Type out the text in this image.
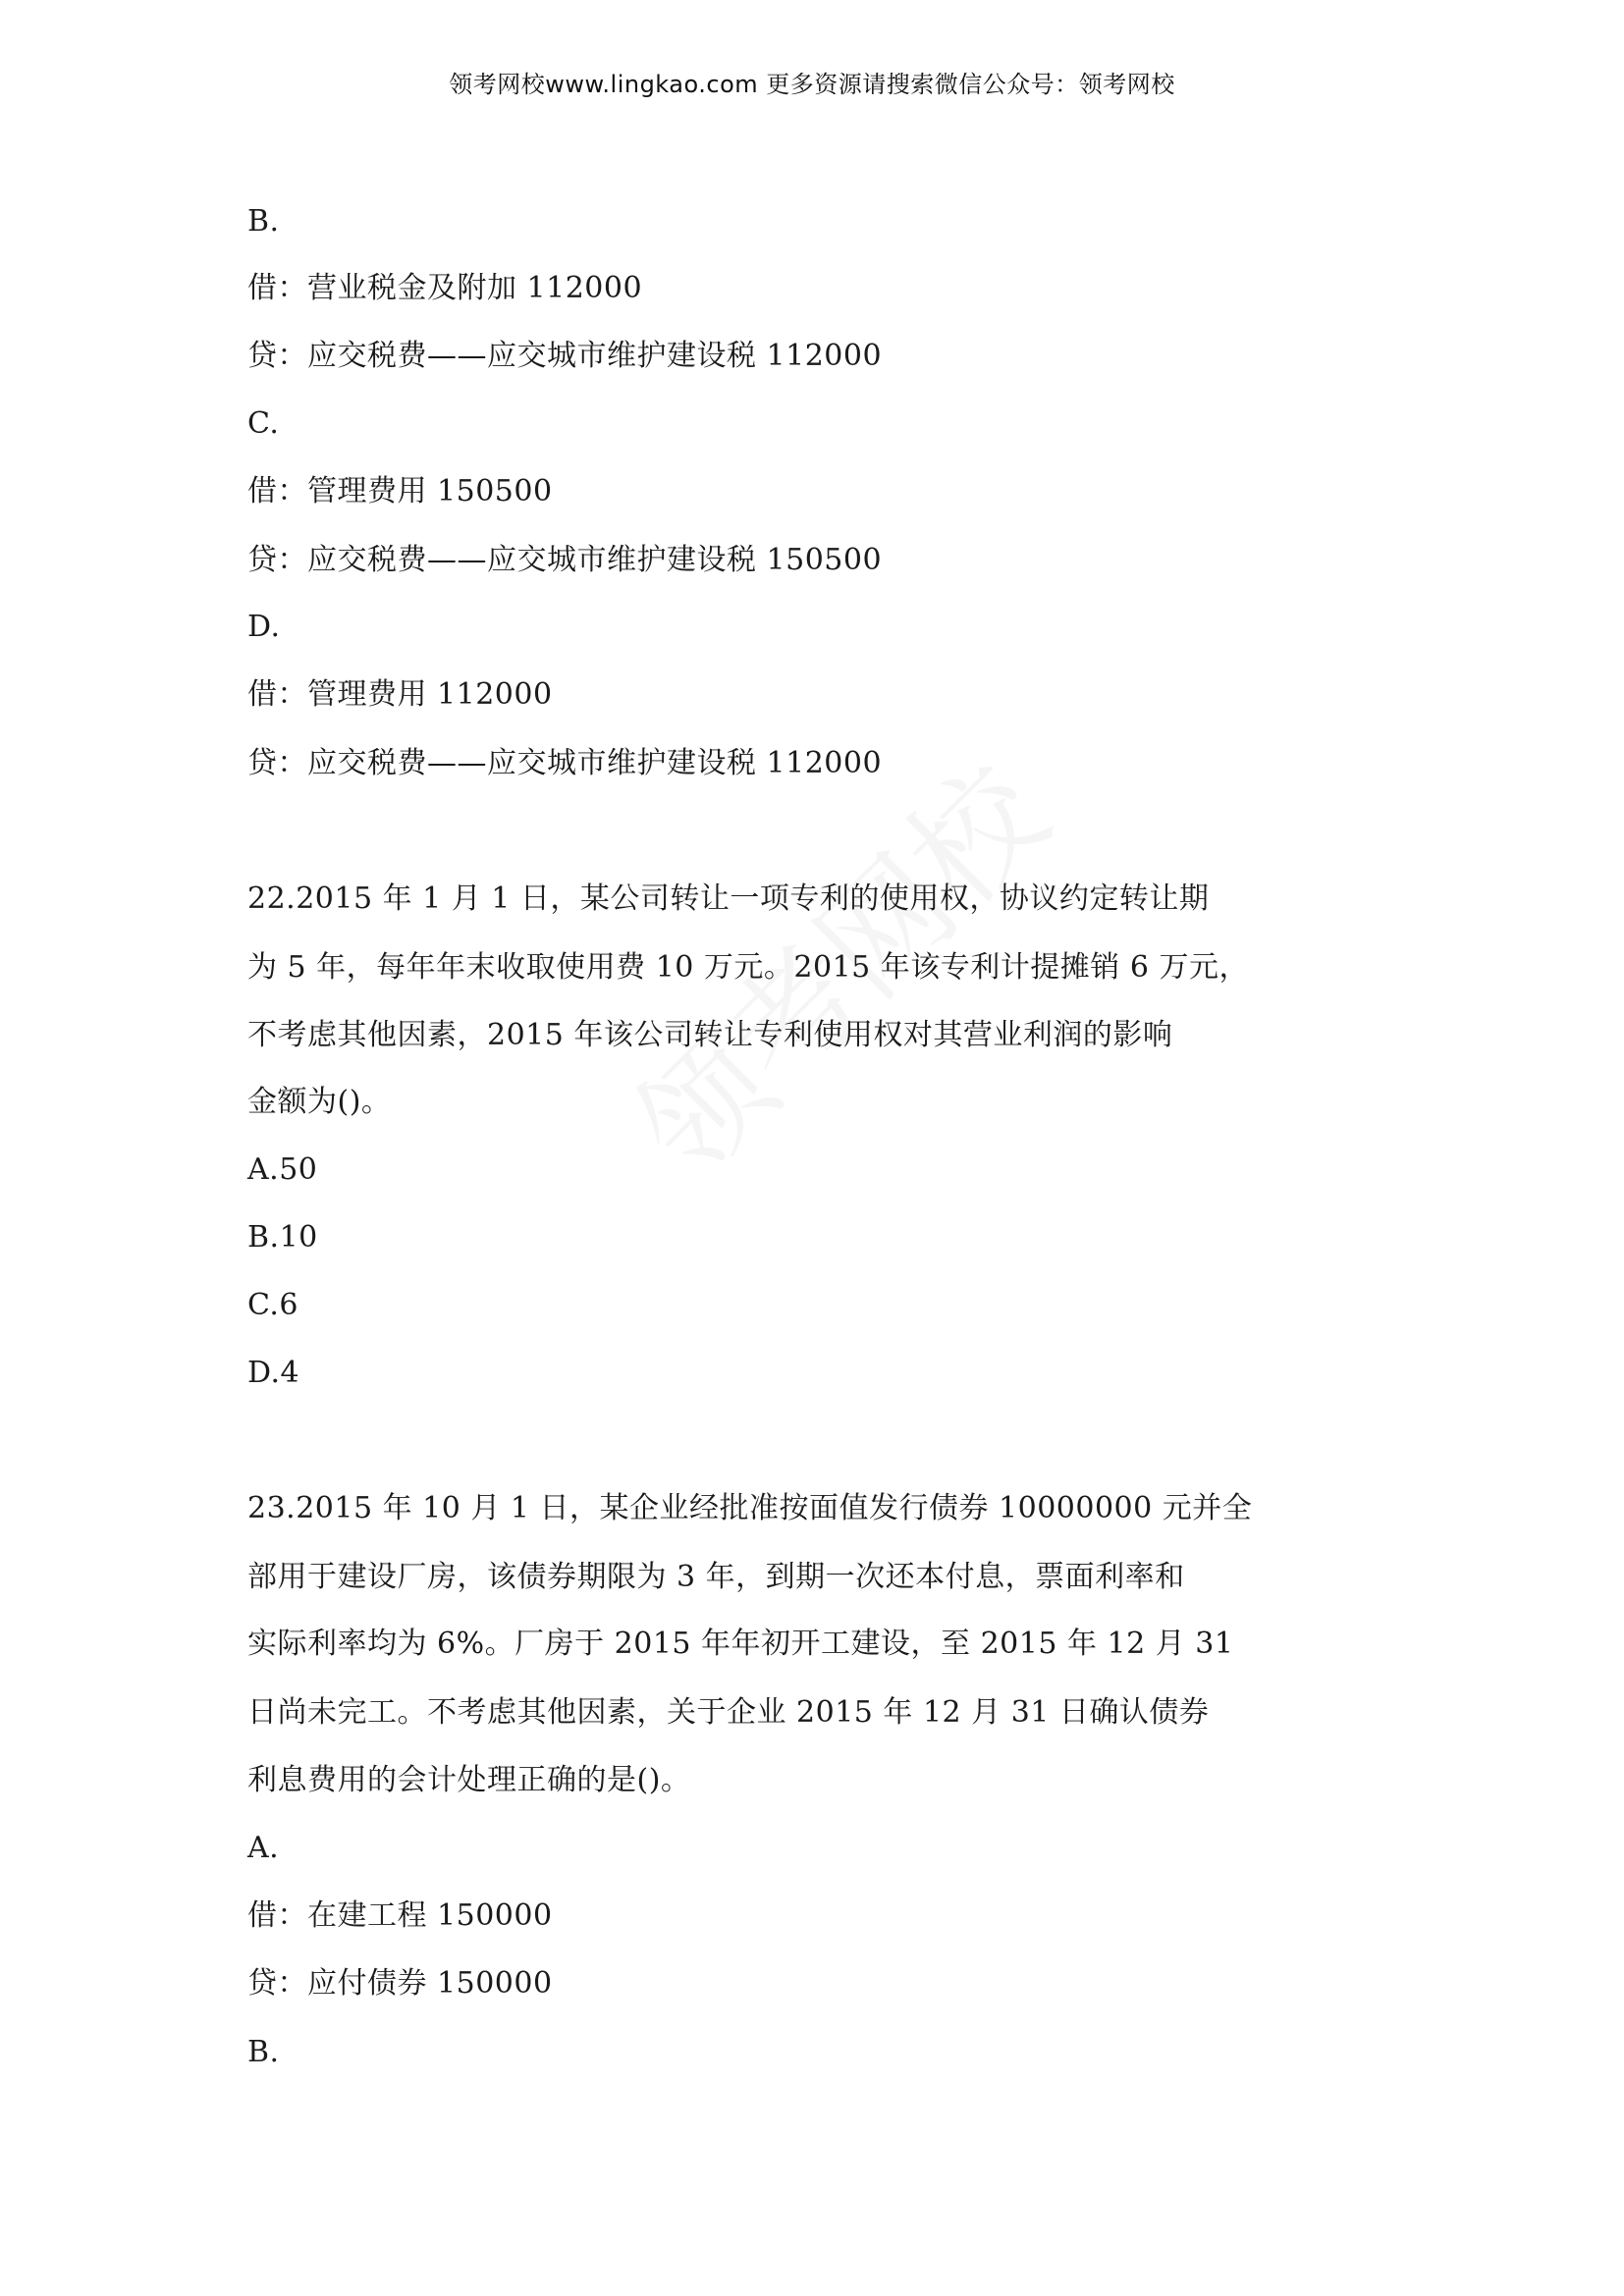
领考网校www.lingkao.com 更多资源请搜索微信公众号：领考网校
B.
借：营业税金及附加 112000
贷：应交税费——应交城市维护建设税 112000
C.
借：管理费用 150500
贷：应交税费——应交城市维护建设税 150500
D.
借：管理费用 112000
贷：应交税费——应交城市维护建设税 112000
22.2015 年 1 月 1 日，某公司转让一项专利的使用权，协议约定转让期
为 5 年，每年年末收取使用费 10 万元。2015 年该专利计提摊销 6 万元，
不考虑其他因素，2015 年该公司转让专利使用权对其营业利润的影响
金额为()。
A.50
B.10
C.6
D.4
23.2015 年 10 月 1 日，某企业经批准按面值发行债券 10000000 元并全
部用于建设厂房，该债券期限为 3 年，到期一次还本付息，票面利率和
实际利率均为 6%。厂房于 2015 年年初开工建设，至 2015 年 12 月 31
日尚未完工。不考虑其他因素，关于企业 2015 年 12 月 31 日确认债券
利息费用的会计处理正确的是()。
A.
借：在建工程 150000
贷：应付债券 150000
B.
